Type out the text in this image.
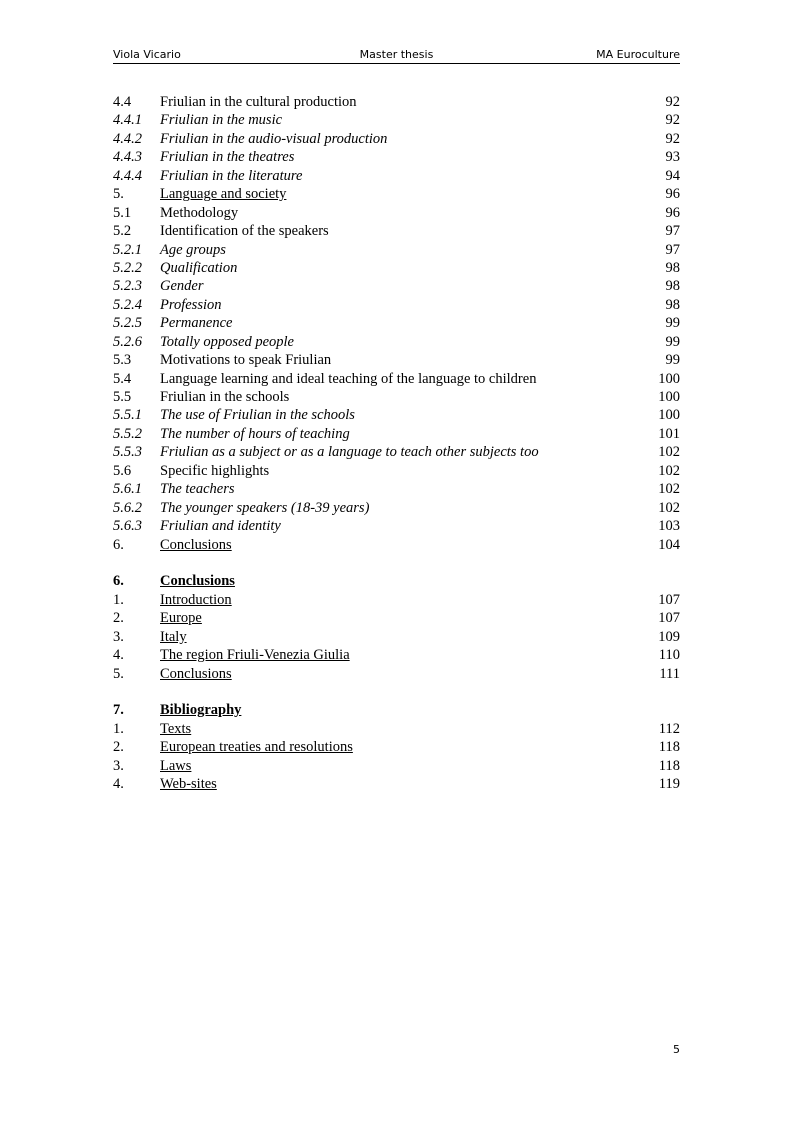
Viola Vicario	Master thesis	MA Euroculture
4.4 Friulian in the cultural production	92
4.4.1 Friulian in the music	92
4.4.2 Friulian in the audio-visual production	92
4.4.3 Friulian in the theatres	93
4.4.4 Friulian in the literature	94
5. Language and society	96
5.1 Methodology	96
5.2 Identification of the speakers	97
5.2.1 Age groups	97
5.2.2 Qualification	98
5.2.3 Gender	98
5.2.4 Profession	98
5.2.5 Permanence	99
5.2.6 Totally opposed people	99
5.3 Motivations to speak Friulian	99
5.4 Language learning and ideal teaching of the language to children	100
5.5 Friulian in the schools	100
5.5.1 The use of Friulian in the schools	100
5.5.2 The number of hours of teaching	101
5.5.3 Friulian as a subject or as a language to teach other subjects too	102
5.6 Specific highlights	102
5.6.1 The teachers	102
5.6.2 The younger speakers (18-39 years)	102
5.6.3 Friulian and identity	103
6. Conclusions	104
6. Conclusions
1. Introduction	107
2. Europe	107
3. Italy	109
4. The region Friuli-Venezia Giulia	110
5. Conclusions	111
7. Bibliography
1. Texts	112
2. European treaties and resolutions	118
3. Laws	118
4. Web-sites	119
5
